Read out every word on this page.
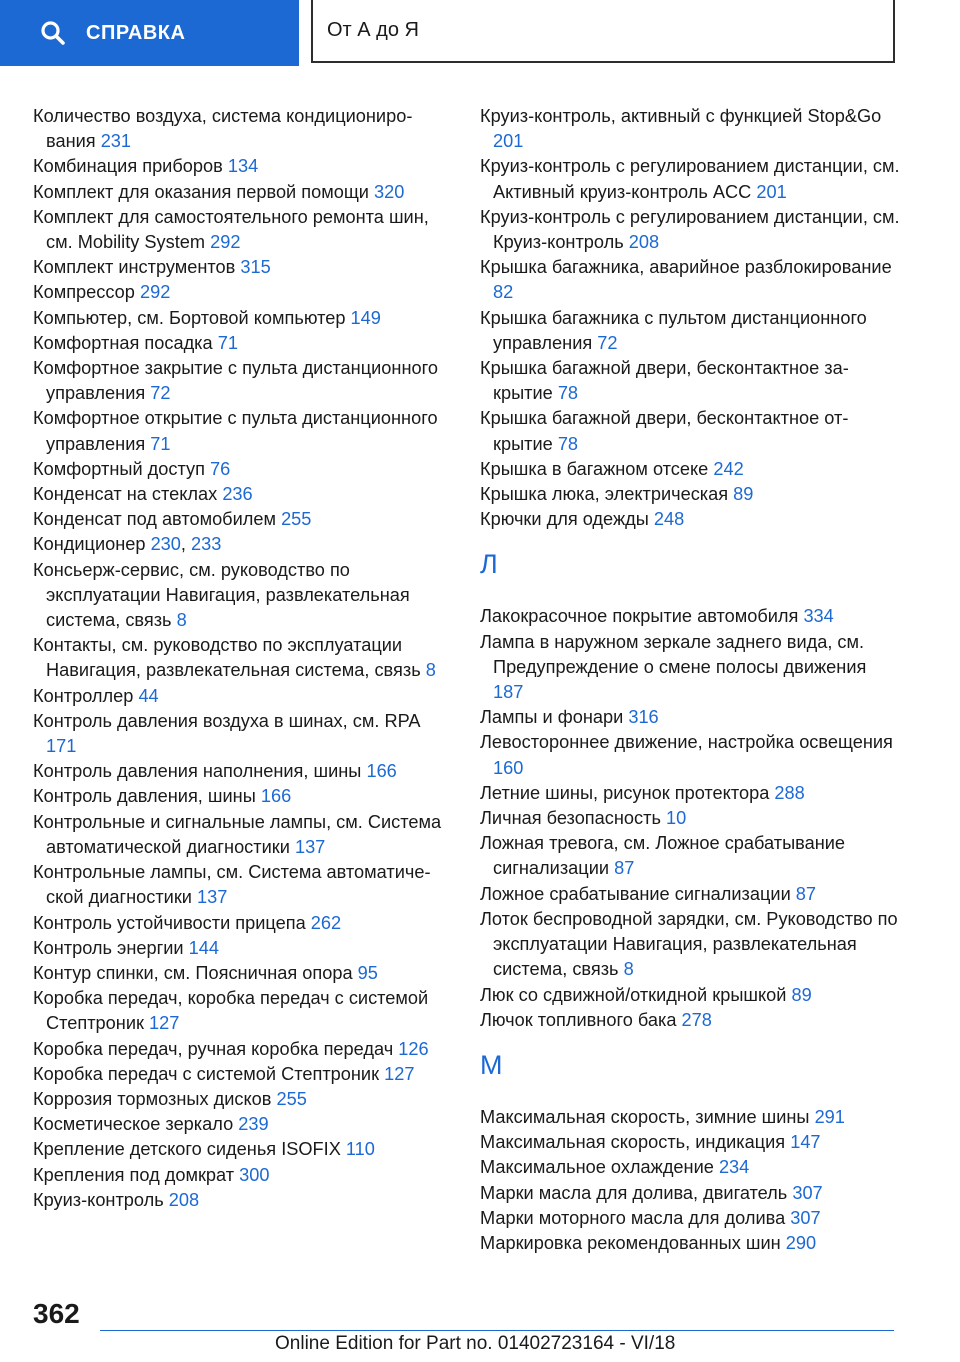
СПРАВКА	От А до Я
Количество воздуха, система кондиционирования 231
Комбинация приборов 134
Комплект для оказания первой помощи 320
Комплект для самостоятельного ремонта шин, см. Mobility System 292
Комплект инструментов 315
Компрессор 292
Компьютер, см. Бортовой компьютер 149
Комфортная посадка 71
Комфортное закрытие с пульта дистанционного управления 72
Комфортное открытие с пульта дистанционного управления 71
Комфортный доступ 76
Конденсат на стеклах 236
Конденсат под автомобилем 255
Кондиционер 230, 233
Консьерж-сервис, см. руководство по эксплуатации Навигация, развлекательная система, связь 8
Контакты, см. руководство по эксплуатации Навигация, развлекательная система, связь 8
Контроллер 44
Контроль давления воздуха в шинах, см. RPA 171
Контроль давления наполнения, шины 166
Контроль давления, шины 166
Контрольные и сигнальные лампы, см. Система автоматической диагностики 137
Контрольные лампы, см. Система автоматической диагностики 137
Контроль устойчивости прицепа 262
Контроль энергии 144
Контур спинки, см. Поясничная опора 95
Коробка передач, коробка передач с системой Стептроник 127
Коробка передач, ручная коробка передач 126
Коробка передач с системой Стептроник 127
Коррозия тормозных дисков 255
Косметическое зеркало 239
Крепление детского сиденья ISOFIX 110
Крепления под домкрат 300
Круиз-контроль 208
Круиз-контроль, активный с функцией Stop&Go 201
Круиз-контроль с регулированием дистанции, см. Активный круиз-контроль ACC 201
Круиз-контроль с регулированием дистанции, см. Круиз-контроль 208
Крышка багажника, аварийное разблокирование 82
Крышка багажника с пультом дистанционного управления 72
Крышка багажной двери, бесконтактное закрытие 78
Крышка багажной двери, бесконтактное открытие 78
Крышка в багажном отсеке 242
Крышка люка, электрическая 89
Крючки для одежды 248
Л
Лакокрасочное покрытие автомобиля 334
Лампа в наружном зеркале заднего вида, см. Предупреждение о смене полосы движения 187
Лампы и фонари 316
Левостороннее движение, настройка освещения 160
Летние шины, рисунок протектора 288
Личная безопасность 10
Ложная тревога, см. Ложное срабатывание сигнализации 87
Ложное срабатывание сигнализации 87
Лоток беспроводной зарядки, см. Руководство по эксплуатации Навигация, развлекательная система, связь 8
Люк со сдвижной/откидной крышкой 89
Лючок топливного бака 278
М
Максимальная скорость, зимние шины 291
Максимальная скорость, индикация 147
Максимальное охлаждение 234
Марки масла для долива, двигатель 307
Марки моторного масла для долива 307
Маркировка рекомендованных шин 290
362
Online Edition for Part no. 01402723164 - VI/18
